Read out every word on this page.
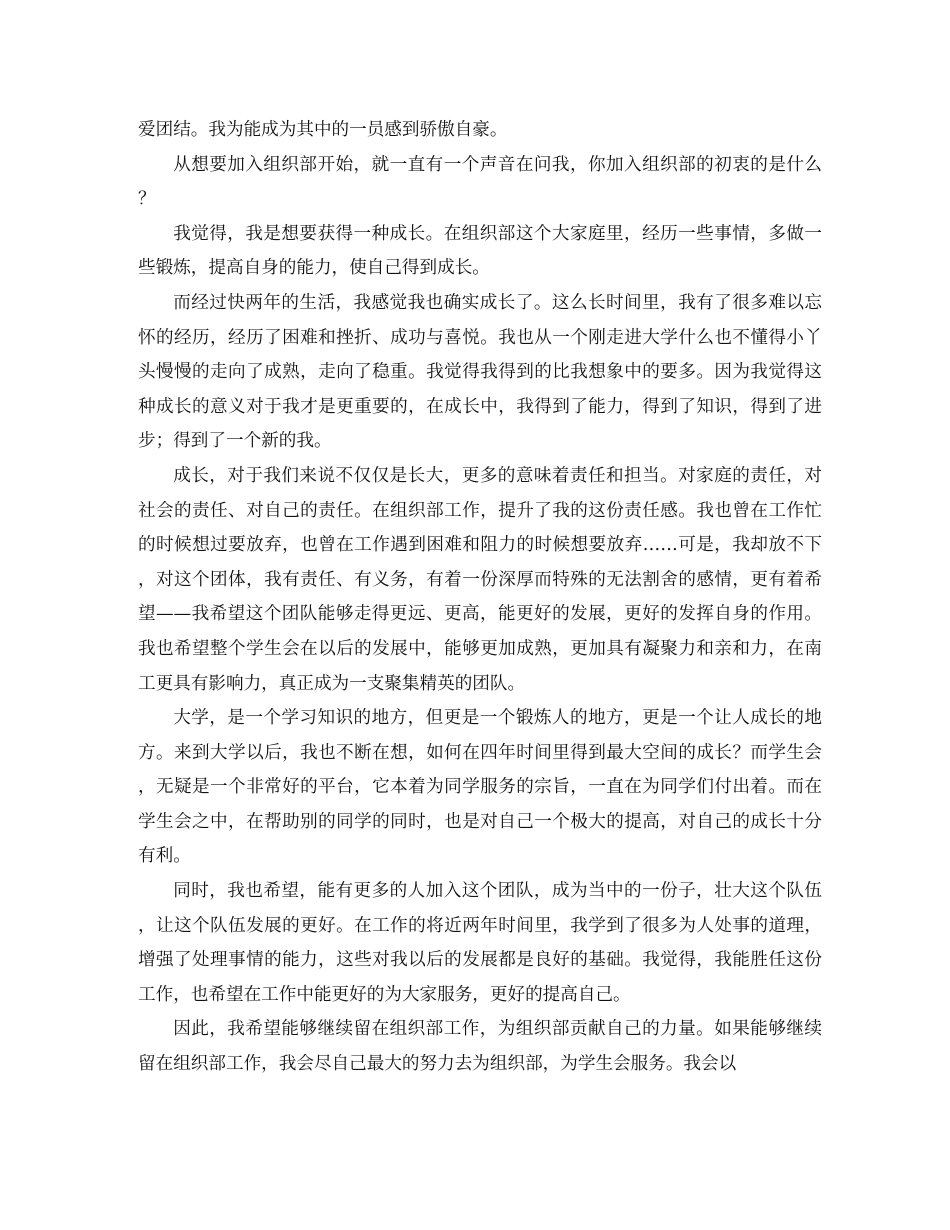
爱团结。我为能成为其中的一员感到骄傲自豪。

从想要加入组织部开始，就一直有一个声音在问我，你加入组织部的初衷的是什么？

我觉得，我是想要获得一种成长。在组织部这个大家庭里，经历一些事情，多做一些锻炼，提高自身的能力，使自己得到成长。

而经过快两年的生活，我感觉我也确实成长了。这么长时间里，我有了很多难以忘怀的经历，经历了困难和挫折、成功与喜悦。我也从一个刚走进大学什么也不懂得小丫头慢慢的走向了成熟，走向了稳重。我觉得我得到的比我想象中的要多。因为我觉得这种成长的意义对于我才是更重要的，在成长中，我得到了能力，得到了知识，得到了进步；得到了一个新的我。

成长，对于我们来说不仅仅是长大，更多的意味着责任和担当。对家庭的责任，对社会的责任、对自己的责任。在组织部工作，提升了我的这份责任感。我也曾在工作忙的时候想过要放弃，也曾在工作遇到困难和阻力的时候想要放弃……可是，我却放不下，对这个团体，我有责任、有义务，有着一份深厚而特殊的无法割舍的感情，更有着希望——我希望这个团队能够走得更远、更高，能更好的发展，更好的发挥自身的作用。我也希望整个学生会在以后的发展中，能够更加成熟，更加具有凝聚力和亲和力，在南工更具有影响力，真正成为一支聚集精英的团队。

大学，是一个学习知识的地方，但更是一个锻炼人的地方，更是一个让人成长的地方。来到大学以后，我也不断在想，如何在四年时间里得到最大空间的成长？而学生会，无疑是一个非常好的平台，它本着为同学服务的宗旨，一直在为同学们付出着。而在学生会之中，在帮助别的同学的同时，也是对自己一个极大的提高，对自己的成长十分有利。

同时，我也希望，能有更多的人加入这个团队，成为当中的一份子，壮大这个队伍，让这个队伍发展的更好。在工作的将近两年时间里，我学到了很多为人处事的道理，增强了处理事情的能力，这些对我以后的发展都是良好的基础。我觉得，我能胜任这份工作，也希望在工作中能更好的为大家服务，更好的提高自己。

因此，我希望能够继续留在组织部工作，为组织部贡献自己的力量。如果能够继续留在组织部工作，我会尽自己最大的努力去为组织部，为学生会服务。我会以
